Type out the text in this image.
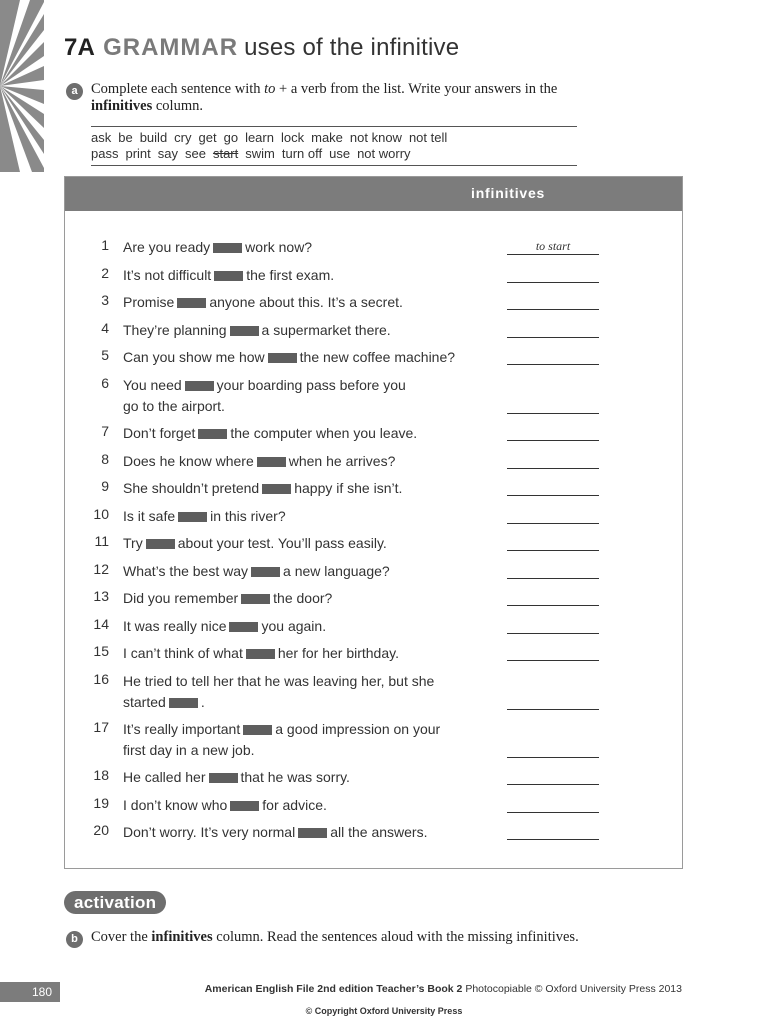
7A GRAMMAR uses of the infinitive
a Complete each sentence with to + a verb from the list. Write your answers in the
infinitives column.

ask be build cry get go learn lock make not know not tell
pass print say see start swim turn off use not worry
infinitives
1 Are you ready	work now?	to start
2 It’s not difficult	the first exam.
3 Promise	anyone about this. It’s a secret.
4 They’re planning	a supermarket there.
5 Can you show me how	the new coffee machine?
6 You need	your boarding pass before you
go to the airport.
7 Don’t forget	the computer when you leave.
8 Does he know where	when he arrives?
9 She shouldn’t pretend	happy if she isn’t.
10 Is it safe	in this river?
11 Try	about your test. You’ll pass easily.
12 What’s the best way	a new language?
13 Did you remember	the door?
14 It was really nice	you again.
15 I can’t think of what	her for her birthday.
16 He tried to tell her that he was leaving her, but she
started	.
17 It’s really important	a good impression on your
first day in a new job.
18 He called her	that he was sorry.
19 I don’t know who	for advice.
20 Don’t worry. It’s very normal	all the answers.
activation
b Cover the infinitives column. Read the sentences aloud with the missing infinitives.

180	American English File 2nd edition Teacher’s Book 2 Photocopiable © Oxford University Press 2013
© Copyright Oxford University Press
